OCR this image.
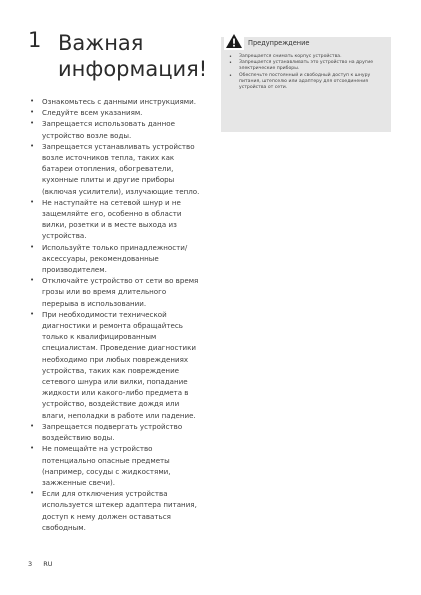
1 Важная информация!
• Ознакомьтесь с данными инструкциями.
• Следуйте всем указаниям.
• Запрещается использовать данное устройство возле воды.
• Запрещается устанавливать устройство возле источников тепла, таких как батареи отопления, обогреватели, кухонные плиты и другие приборы (включая усилители), излучающие тепло.
• Не наступайте на сетевой шнур и не защемляйте его, особенно в области вилки, розетки и в месте выхода из устройства.
• Используйте только принадлежности/аксессуары, рекомендованные производителем.
• Отключайте устройство от сети во время грозы или во время длительного перерыва в использовании.
• При необходимости технической диагностики и ремонта обращайтесь только к квалифицированным специалистам. Проведение диагностики необходимо при любых повреждениях устройства, таких как повреждение сетевого шнура или вилки, попадание жидкости или какого-либо предмета в устройство, воздействие дождя или влаги, неполадки в работе или падение.
• Запрещается подвергать устройство воздействию воды.
• Не помещайте на устройство потенциально опасные предметы (например, сосуды с жидкостями, зажженные свечи).
• Если для отключения устройства используется штекер адаптера питания, доступ к нему должен оставаться свободным.
Предупреждение
• Запрещается снимать корпус устройства.
• Запрещается устанавливать это устройство на другие электрические приборы.
• Обеспечьте постоянный и свободный доступ к шнуру питания, штепселю или адаптеру для отсоединения устройства от сети.
3 RU
